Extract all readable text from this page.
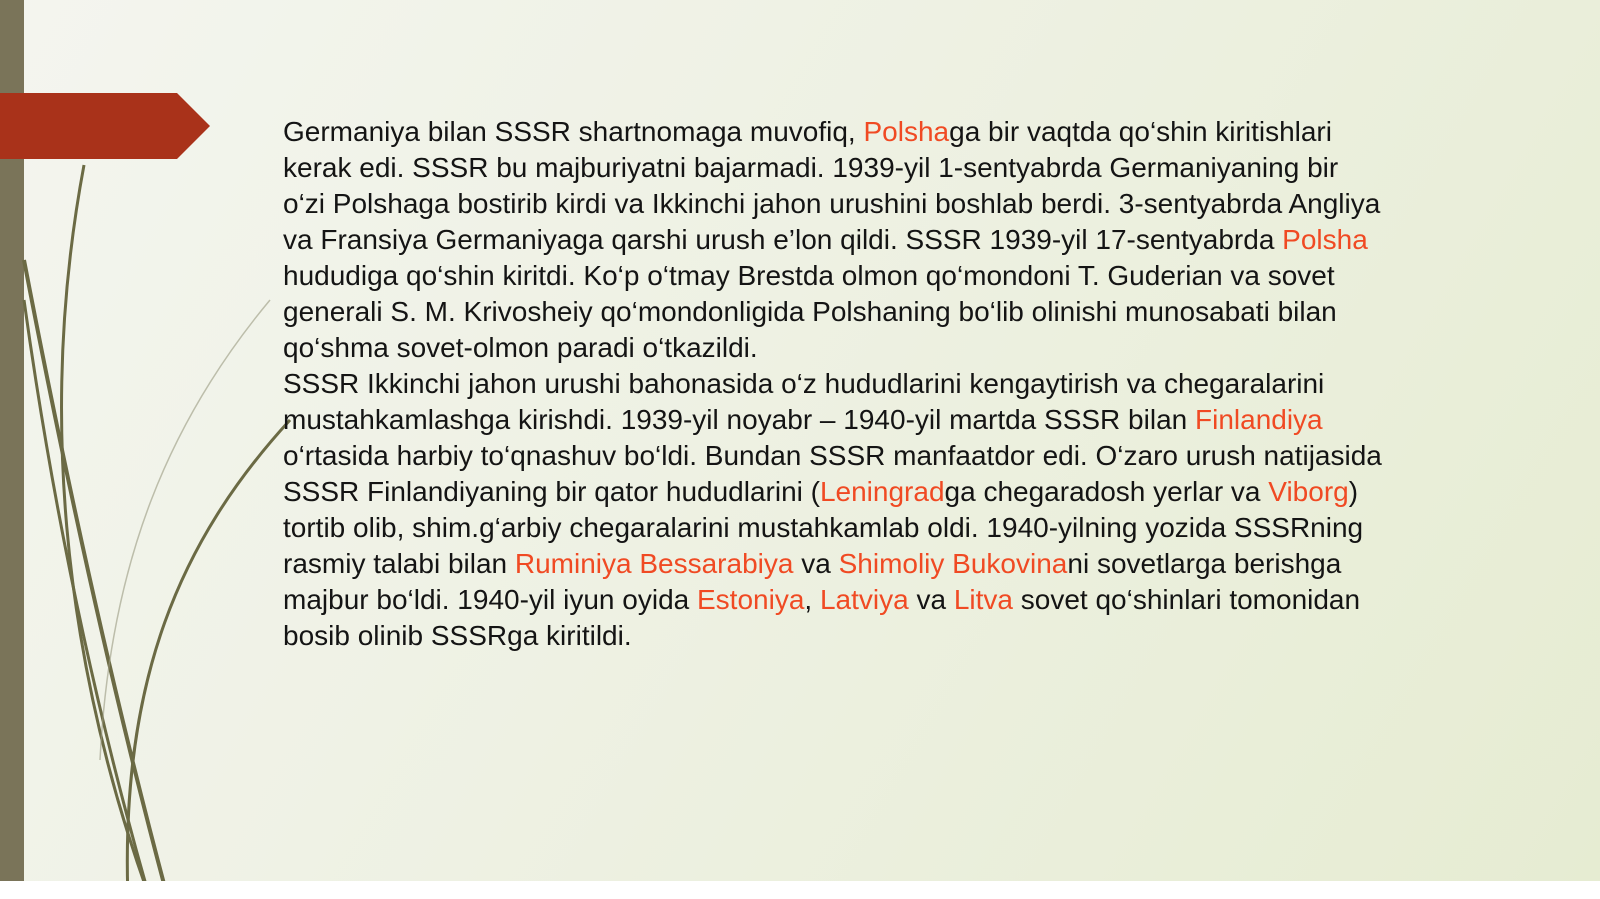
Germaniya bilan SSSR shartnomaga muvofiq, Polshaga bir vaqtda qo‘shin kiritishlari kerak edi. SSSR bu majburiyatni bajarmadi. 1939-yil 1-sentyabrda Germaniyaning bir o‘zi Polshaga bostirib kirdi va Ikkinchi jahon urushini boshlab berdi. 3-sentyabrda Angliya va Fransiya Germaniyaga qarshi urush e’lon qildi. SSSR 1939-yil 17-sentyabrda Polsha hududiga qo‘shin kiritdi. Ko‘p o‘tmay Brestda olmon qo‘mondoni T. Guderian va sovet generali S. M. Krivosheiy qo‘mondonligida Polshaning bo‘lib olinishi munosabati bilan qo‘shma sovet-olmon paradi o‘tkazildi.

SSSR Ikkinchi jahon urushi bahonasida o‘z hududlarini kengaytirish va chegaralarini mustahkamlashga kirishdi. 1939-yil noyabr – 1940-yil martda SSSR bilan Finlandiya o‘rtasida harbiy to‘qnashuv bo‘ldi. Bundan SSSR manfaatdor edi. O‘zaro urush natijasida SSSR Finlandiyaning bir qator hududlarini (Leningradga chegaradosh yerlar va Viborg) tortib olib, shim.g‘arbiy chegaralarini mustahkamlab oldi. 1940-yilning yozida SSSRning rasmiy talabi bilan Ruminiya Bessarabiya va Shimoliy Bukovinani sovetlarga berishga majbur bo‘ldi. 1940-yil iyun oyida Estoniya, Latviya va Litva sovet qo‘shinlari tomonidan bosib olinib SSSRga kiritildi.
